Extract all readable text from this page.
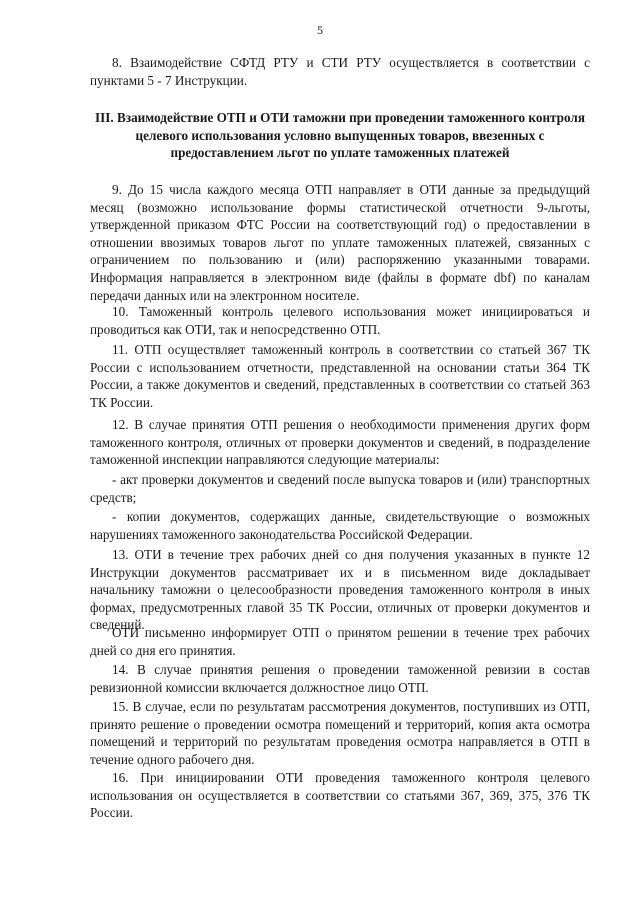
5

8. Взаимодействие СФТД РТУ и СТИ РТУ осуществляется в соответствии с пунктами 5 - 7 Инструкции.

III. Взаимодействие ОТП и ОТИ таможни при проведении таможенного контроля целевого использования условно выпущенных товаров, ввезенных с предоставлением льгот по уплате таможенных платежей

9. До 15 числа каждого месяца ОТП направляет в ОТИ данные за предыдущий месяц (возможно использование формы статистической отчетности 9-льготы, утвержденной приказом ФТС России на соответствующий год) о предоставлении в отношении ввозимых товаров льгот по уплате таможенных платежей, связанных с ограничением по пользованию и (или) распоряжению указанными товарами. Информация направляется в электронном виде (файлы в формате dbf) по каналам передачи данных или на электронном носителе.

10. Таможенный контроль целевого использования может инициироваться и проводиться как ОТИ, так и непосредственно ОТП.

11. ОТП осуществляет таможенный контроль в соответствии со статьей 367 ТК России с использованием отчетности, представленной на основании статьи 364 ТК России, а также документов и сведений, представленных в соответствии со статьей 363 ТК России.

12. В случае принятия ОТП решения о необходимости применения других форм таможенного контроля, отличных от проверки документов и сведений, в подразделение таможенной инспекции направляются следующие материалы:

- акт проверки документов и сведений после выпуска товаров и (или) транспортных средств;

- копии документов, содержащих данные, свидетельствующие о возможных нарушениях таможенного законодательства Российской Федерации.

13. ОТИ в течение трех рабочих дней со дня получения указанных в пункте 12 Инструкции документов рассматривает их и в письменном виде докладывает начальнику таможни о целесообразности проведения таможенного контроля в иных формах, предусмотренных главой 35 ТК России, отличных от проверки документов и сведений.

ОТИ письменно информирует ОТП о принятом решении в течение трех рабочих дней со дня его принятия.

14. В случае принятия решения о проведении таможенной ревизии в состав ревизионной комиссии включается должностное лицо ОТП.

15. В случае, если по результатам рассмотрения документов, поступивших из ОТП, принято решение о проведении осмотра помещений и территорий, копия акта осмотра помещений и территорий по результатам проведения осмотра направляется в ОТП в течение одного рабочего дня.

16. При инициировании ОТИ проведения таможенного контроля целевого использования он осуществляется в соответствии со статьями 367, 369, 375, 376 ТК России.
